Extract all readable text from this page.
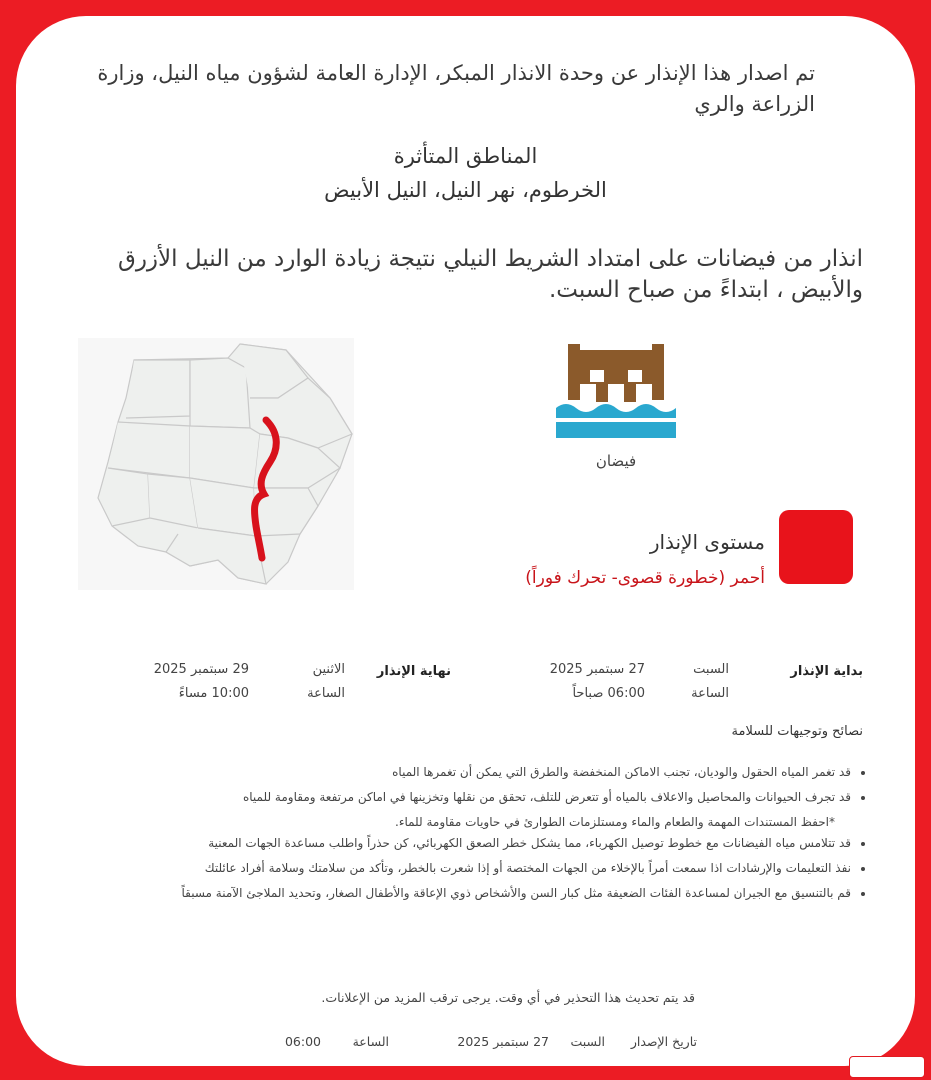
تم اصدار هذا الإنذار عن وحدة الانذار المبكر، الإدارة العامة لشؤون مياه النيل، وزارة الزراعة والري
المناطق المتأثرة
الخرطوم، نهر النيل، النيل الأبيض
انذار من فيضانات على امتداد الشريط النيلي نتيجة زيادة الوارد من النيل الأزرق والأبيض ، ابتداءً من صباح السبت.
فيضان
مستوى الإنذار
أحمر (خطورة قصوى- تحرك فوراً)
بداية الإنذار
السبت
الساعة
27 سبتمبر 2025
06:00 صباحاً
نهاية الإنذار
الاثنين
الساعة
29 سبتمبر 2025
10:00 مساءً
نصائح وتوجيهات للسلامة
• قد تغمر المياه الحقول والوديان، تجنب الاماكن المنخفضة والطرق التي يمكن أن تغمرها المياه
• قد تجرف الحيوانات والمحاصيل والاعلاف بالمياه أو تتعرض للتلف، تحقق من نقلها وتخزينها في اماكن مرتفعة ومقاومة للمياه
*احفظ المستندات المهمة والطعام والماء ومستلزمات الطوارئ في حاويات مقاومة للماء.
• قد تتلامس مياه الفيضانات مع خطوط توصيل الكهرباء، مما يشكل خطر الصعق الكهربائي، كن حذراً واطلب مساعدة الجهات المعنية
• نفذ التعليمات والإرشادات اذا سمعت أمراً بالإخلاء من الجهات المختصة أو إذا شعرت بالخطر، وتأكد من سلامتك وسلامة أفراد عائلتك
• قم بالتنسيق مع الجيران لمساعدة الفئات الضعيفة مثل كبار السن والأشخاص ذوي الإعاقة والأطفال الصغار، وتحديد الملاجئ الآمنة مسبقاً
قد يتم تحديث هذا التحذير في أي وقت. يرجى ترقب المزيد من الإعلانات.
تاريخ الإصدار
السبت
27 سبتمبر 2025
الساعة
06:00
